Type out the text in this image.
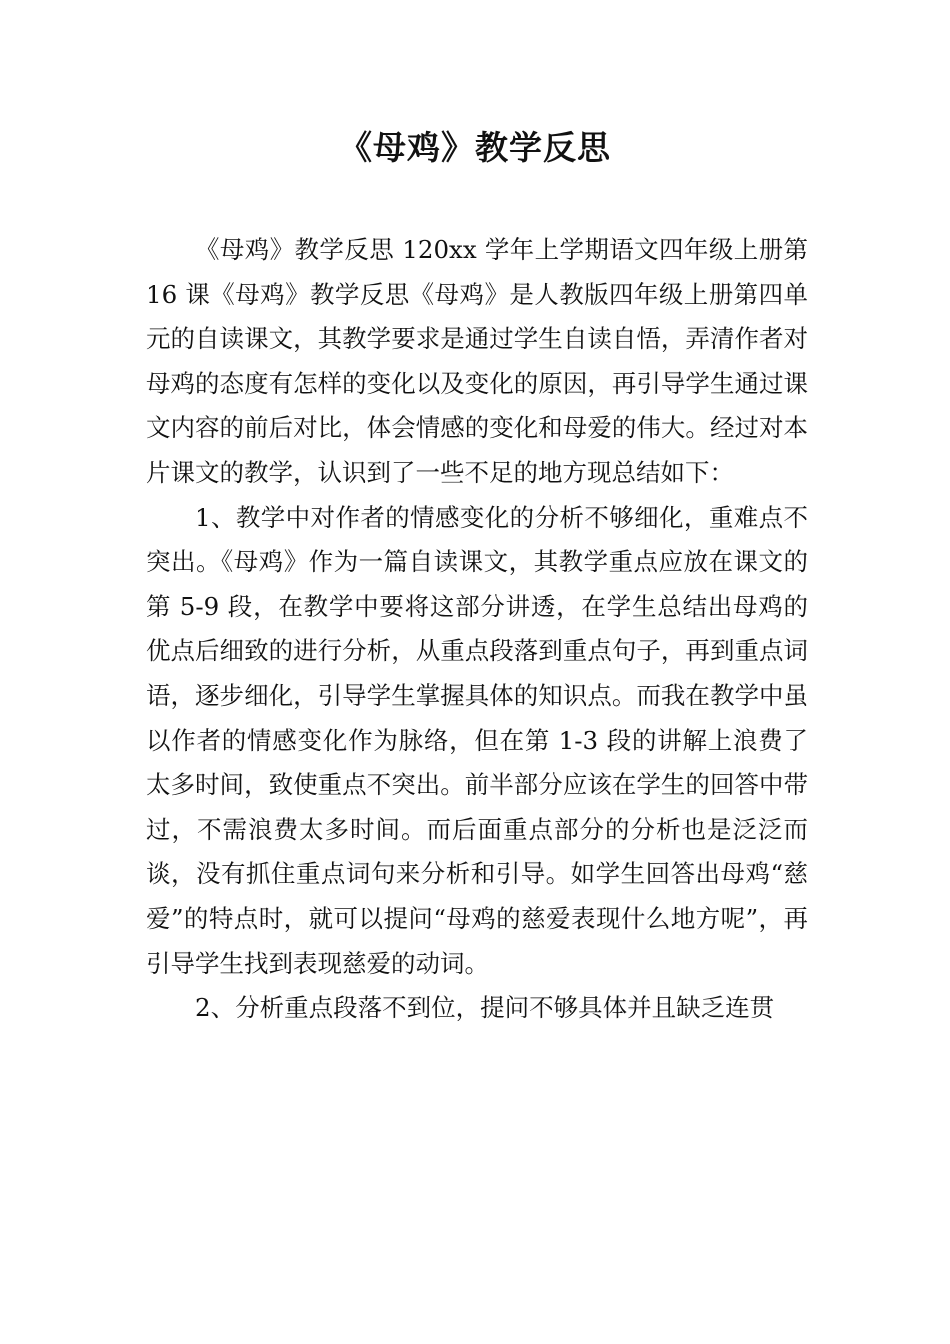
《母鸡》教学反思

《母鸡》教学反思 120xx 学年上学期语文四年级上册第 16 课《母鸡》教学反思《母鸡》是人教版四年级上册第四单元的自读课文，其教学要求是通过学生自读自悟，弄清作者对母鸡的态度有怎样的变化以及变化的原因，再引导学生通过课文内容的前后对比，体会情感的变化和母爱的伟大。经过对本片课文的教学，认识到了一些不足的地方现总结如下：

1、教学中对作者的情感变化的分析不够细化，重难点不突出。《母鸡》作为一篇自读课文，其教学重点应放在课文的第 5-9 段，在教学中要将这部分讲透，在学生总结出母鸡的优点后细致的进行分析，从重点段落到重点句子，再到重点词语，逐步细化，引导学生掌握具体的知识点。而我在教学中虽以作者的情感变化作为脉络，但在第 1-3 段的讲解上浪费了太多时间，致使重点不突出。前半部分应该在学生的回答中带过，不需浪费太多时间。而后面重点部分的分析也是泛泛而谈，没有抓住重点词句来分析和引导。如学生回答出母鸡“慈爱”的特点时，就可以提问“母鸡的慈爱表现什么地方呢”，再引导学生找到表现慈爱的动词。

2、分析重点段落不到位，提问不够具体并且缺乏连贯
